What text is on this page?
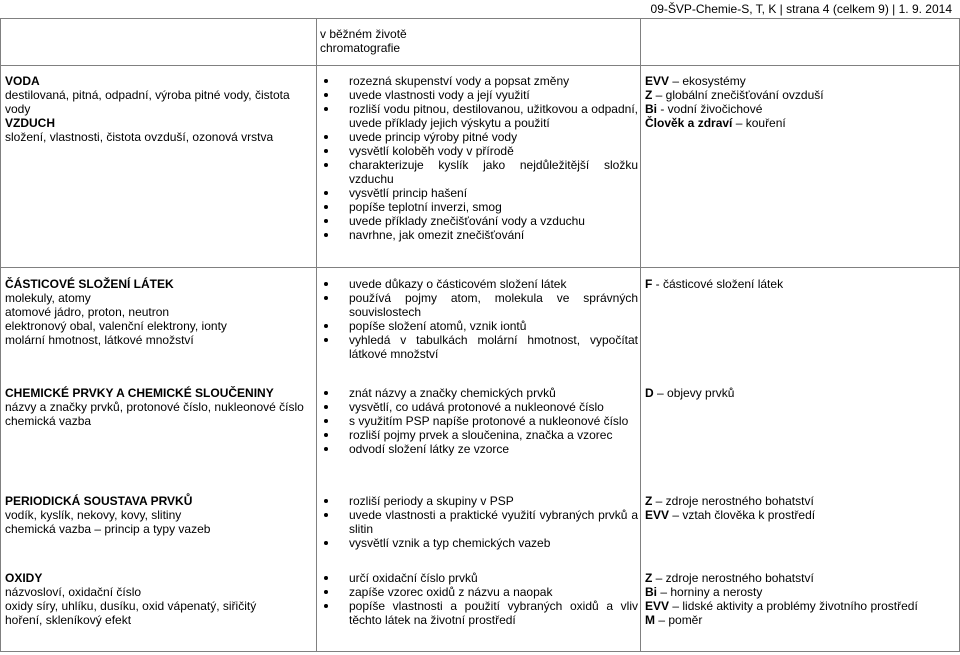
09-ŠVP-Chemie-S, T, K | strana 4 (celkem 9) | 1. 9. 2014
v běžném životě
chromatografie
VODA
destilovaná, pitná, odpadní, výroba pitné vody, čistota vody
VZDUCH
složení, vlastnosti, čistota ovzduší, ozonová vrstva
rozezná skupenství vody a popsat změny
uvede vlastnosti vody a její využití
rozliší vodu pitnou, destilovanou, užitkovou a odpadní, uvede příklady jejich výskytu a použití
uvede princip výroby pitné vody
vysvětlí koloběh vody v přírodě
charakterizuje kyslík jako nejdůležitější složku vzduchu
vysvětlí princip hašení
popíše teplotní inverzi, smog
uvede příklady znečišťování vody a vzduchu
navrhne, jak omezit znečišťování
EVV – ekosystémy
Z – globální znečišťování ovzduší
Bi - vodní živočichové
Člověk a zdraví – kouření
ČÁSTICOVÉ SLOŽENÍ LÁTEK
molekuly, atomy
atomové jádro, proton, neutron
elektronový obal, valenční elektrony, ionty
molární hmotnost, látkové množství
uvede důkazy o částicovém složení látek
používá pojmy atom, molekula ve správných souvislostech
popíše složení atomů, vznik iontů
vyhledá v tabulkách molární hmotnost, vypočítat látkové množství
F - částicové složení látek
CHEMICKÉ PRVKY A CHEMICKÉ SLOUČENINY
názvy a značky prvků, protonové číslo, nukleonové číslo
chemická vazba
znát názvy a značky chemických prvků
vysvětlí, co udává protonové a nukleonové číslo
s využitím PSP napíše protonové a nukleonové číslo
rozliší pojmy prvek a sloučenina, značka a vzorec
odvodí složení látky ze vzorce
D – objevy prvků
PERIODICKÁ SOUSTAVA PRVKŮ
vodík, kyslík, nekovy, kovy, slitiny
chemická vazba – princip a typy vazeb
rozliší periody a skupiny v PSP
uvede vlastnosti a praktické využití vybraných prvků a slitin
vysvětlí vznik a typ chemických vazeb
Z – zdroje nerostného bohatství
EVV – vztah člověka k prostředí
OXIDY
názvosloví, oxidační číslo
oxidy síry, uhlíku, dusíku, oxid vápenatý, siřičitý
hoření, skleníkový efekt
určí oxidační číslo prvků
zapíše vzorec oxidů z názvu a naopak
popíše vlastnosti a použití vybraných oxidů a vliv těchto látek na životní prostředí
Z – zdroje nerostného bohatství
Bi – horniny a nerosty
EVV – lidské aktivity a problémy životního prostředí
M – poměr
